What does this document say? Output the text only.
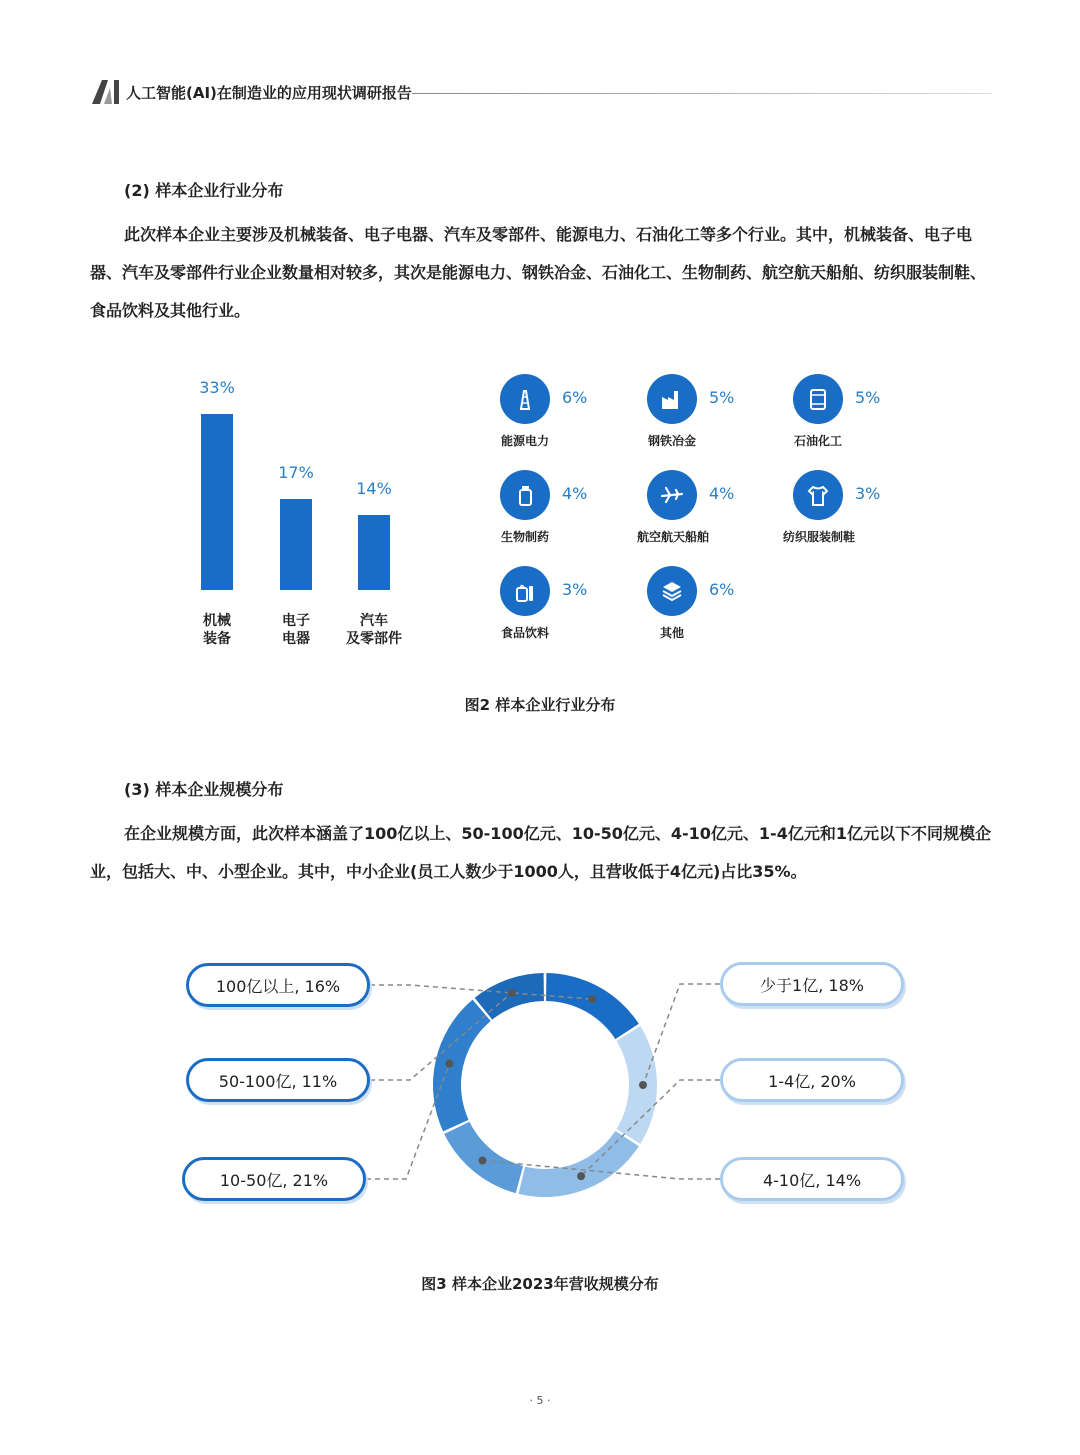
人工智能(AI)在制造业的应用现状调研报告
(2) 样本企业行业分布
此次样本企业主要涉及机械装备、电子电器、汽车及零部件、能源电力、石油化工等多个行业。其中，机械装备、电子电器、汽车及零部件行业企业数量相对较多，其次是能源电力、钢铁冶金、石油化工、生物制药、航空航天船舶、纺织服装制鞋、食品饮料及其他行业。
33%
机械
装备
17%
电子
电器
14%
汽车
及零部件
6%
能源电力
5%
钢铁冶金
5%
石油化工
4%
生物制药
4%
航空航天船舶
3%
纺织服装制鞋
3%
食品饮料
6%
其他
图2 样本企业行业分布
(3) 样本企业规模分布
在企业规模方面，此次样本涵盖了100亿以上、50-100亿元、10-50亿元、4-10亿元、1-4亿元和1亿元以下不同规模企业，包括大、中、小型企业。其中，中小企业(员工人数少于1000人，且营收低于4亿元)占比35%。
100亿以上, 16%	少于1亿, 18%
1-4亿, 20%
4-10亿, 14%
10-50亿, 21%
50-100亿, 11%
图3 样本企业2023年营收规模分布
· 5 ·
